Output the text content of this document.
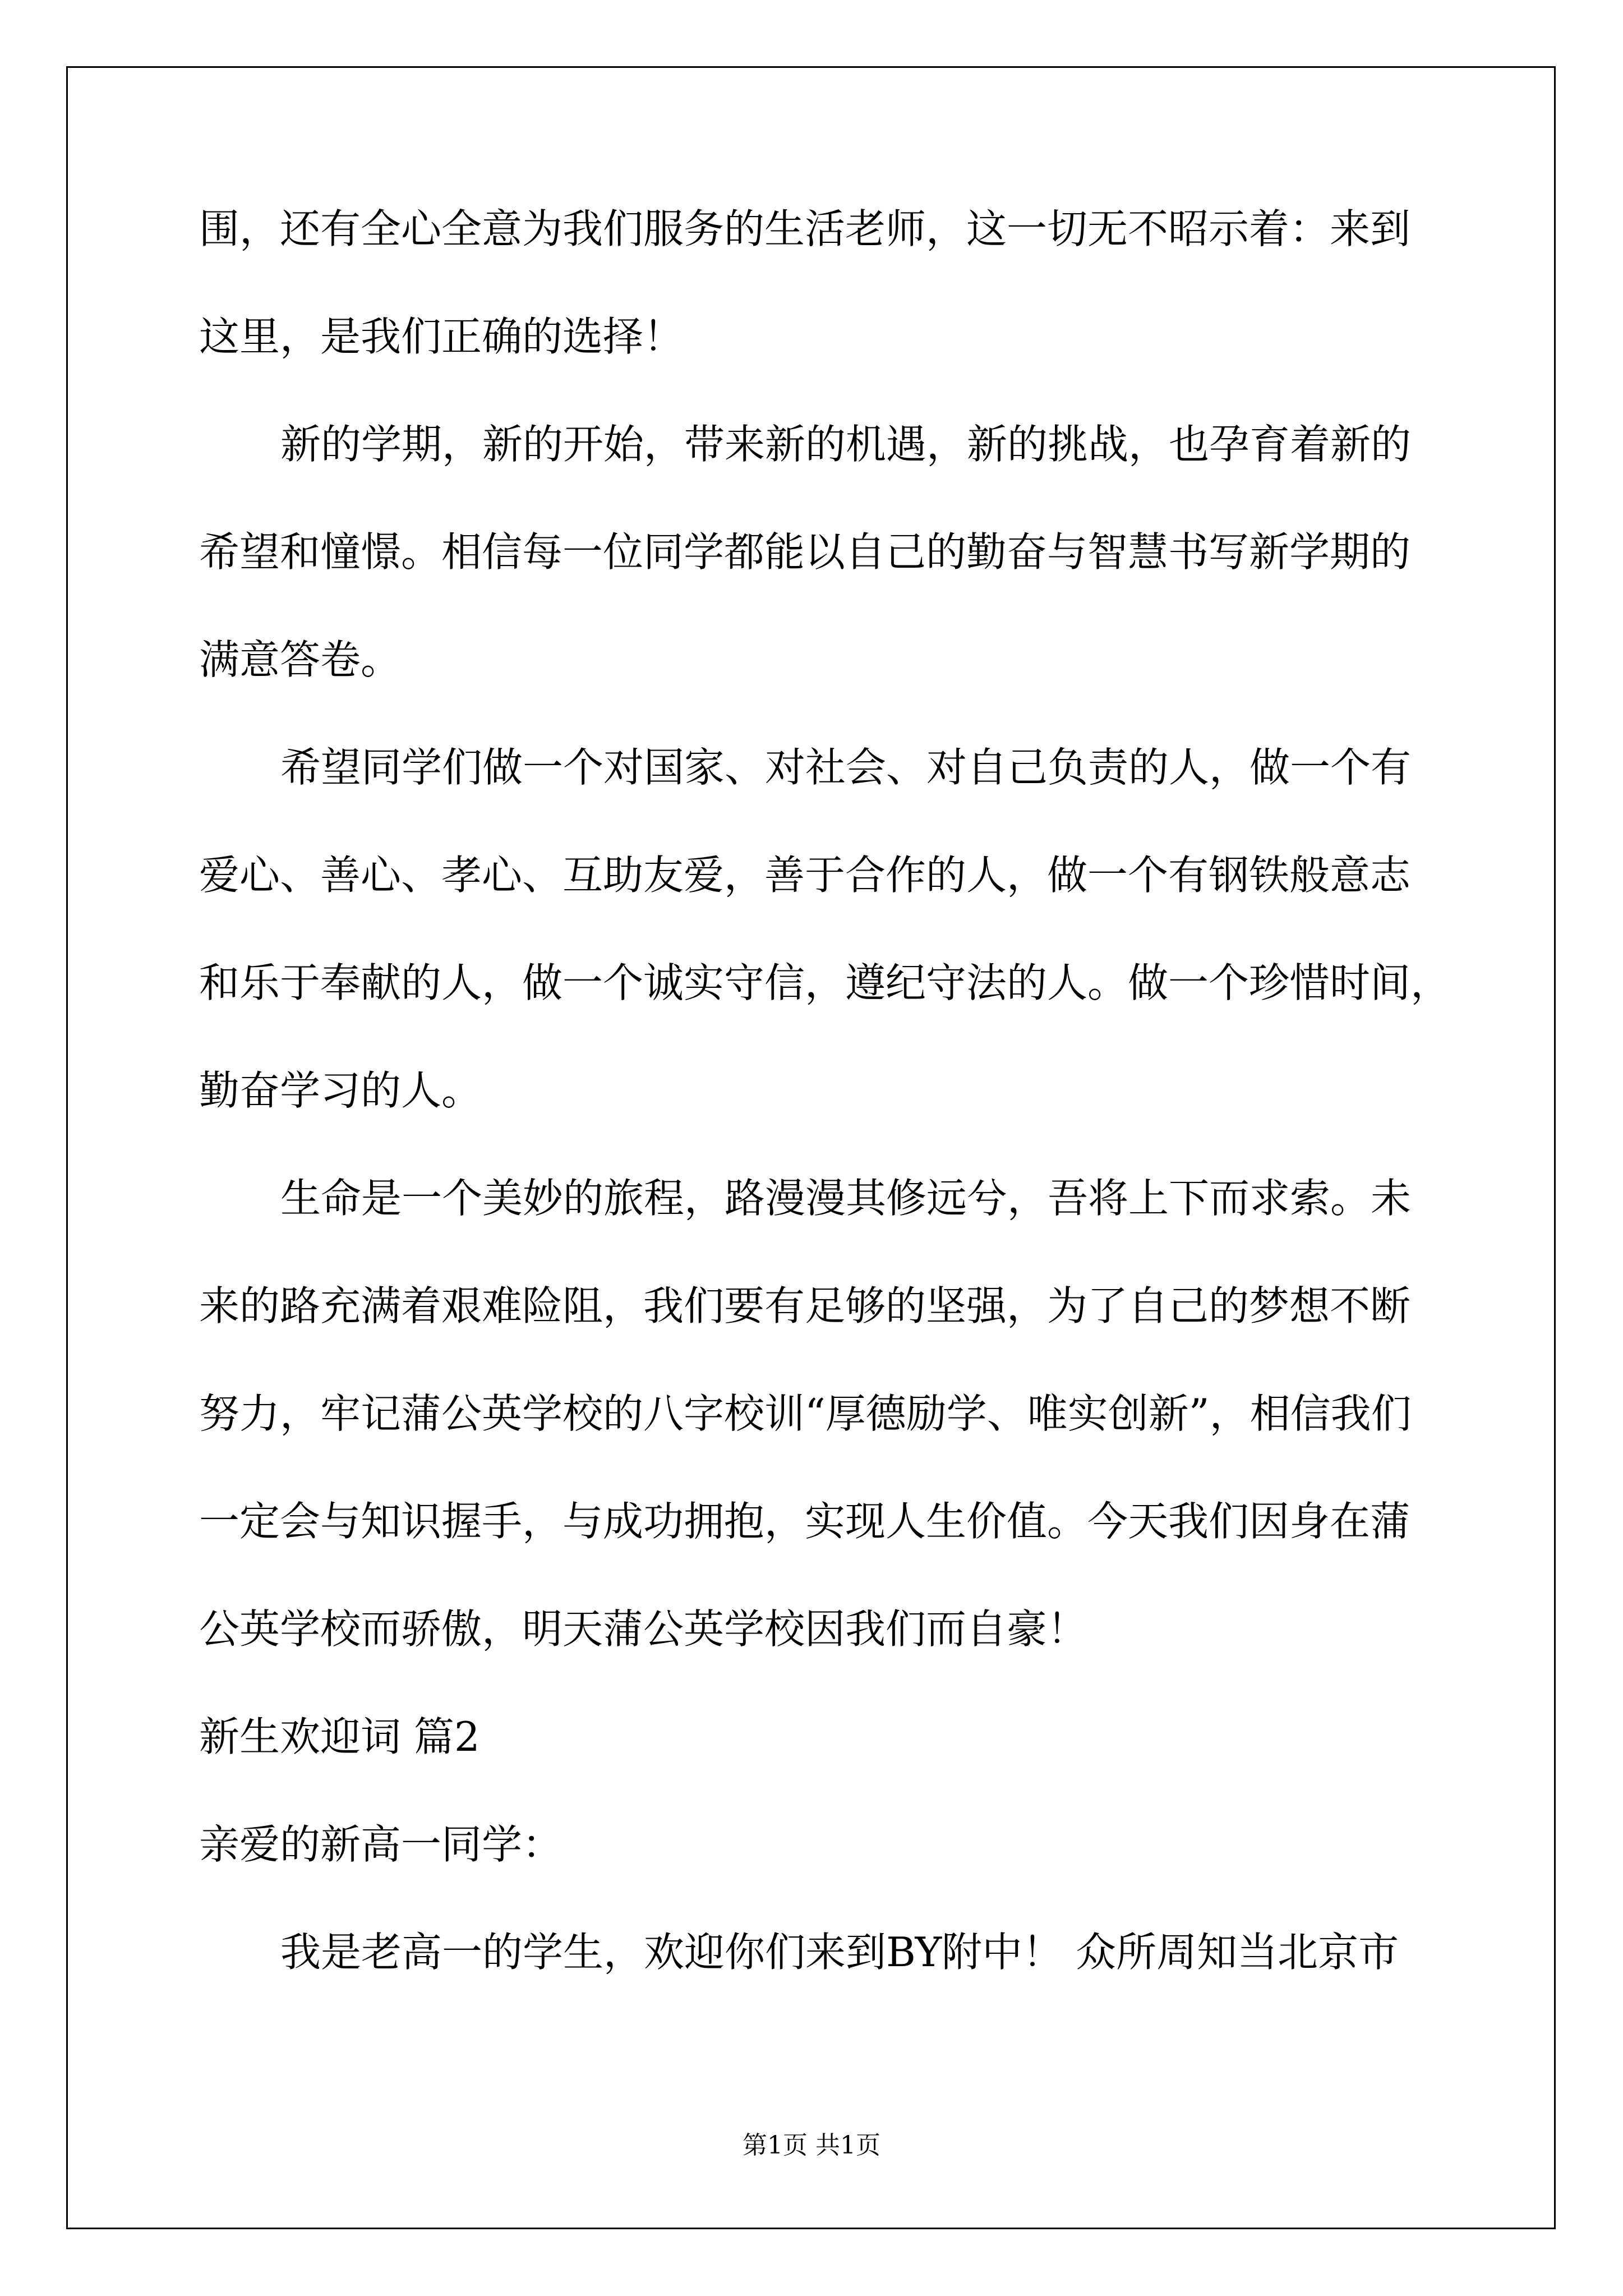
围，还有全心全意为我们服务的生活老师，这一切无不昭示着：来到
这里，是我们正确的选择！
新的学期，新的开始，带来新的机遇，新的挑战，也孕育着新的
希望和憧憬。相信每一位同学都能以自己的勤奋与智慧书写新学期的
满意答卷。
希望同学们做一个对国家、对社会、对自己负责的人，做一个有
爱心、善心、孝心、互助友爱，善于合作的人，做一个有钢铁般意志
和乐于奉献的人，做一个诚实守信，遵纪守法的人。做一个珍惜时间，
勤奋学习的人。
生命是一个美妙的旅程，路漫漫其修远兮，吾将上下而求索。未
来的路充满着艰难险阻，我们要有足够的坚强，为了自己的梦想不断
努力，牢记蒲公英学校的八字校训“厚德励学、唯实创新”，相信我们
一定会与知识握手，与成功拥抱，实现人生价值。今天我们因身在蒲
公英学校而骄傲，明天蒲公英学校因我们而自豪！
新生欢迎词 篇2
亲爱的新高一同学：
我是老高一的学生，欢迎你们来到BY附中！ 众所周知当北京市
第1页 共1页
